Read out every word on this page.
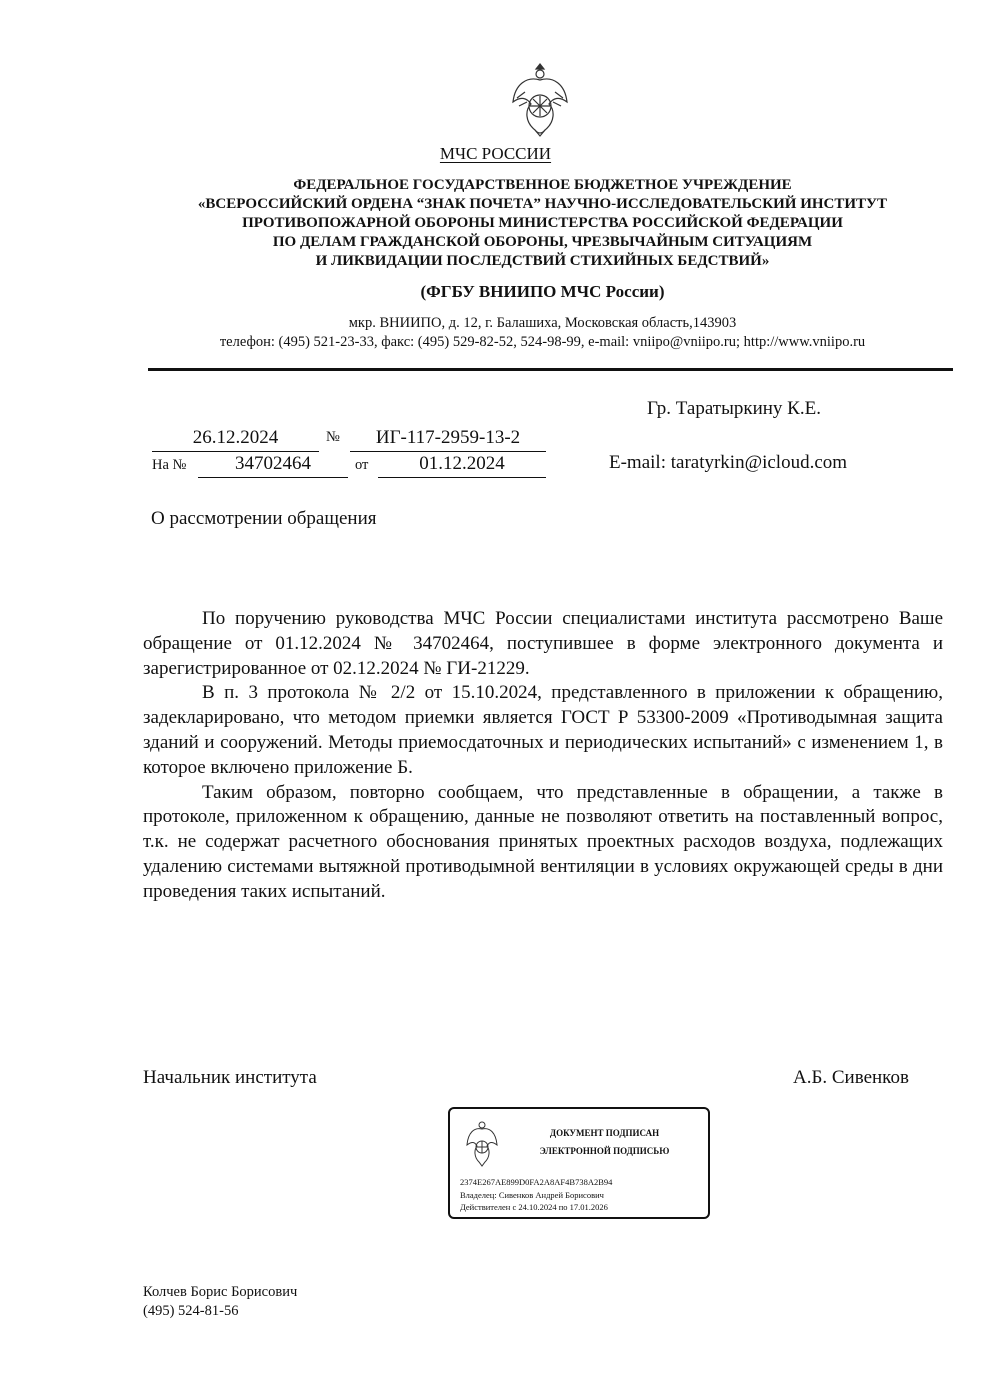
МЧС РОССИИ
ФЕДЕРАЛЬНОЕ ГОСУДАРСТВЕННОЕ БЮДЖЕТНОЕ УЧРЕЖДЕНИЕ
«ВСЕРОССИЙСКИЙ ОРДЕНА “ЗНАК ПОЧЕТА” НАУЧНО-ИССЛЕДОВАТЕЛЬСКИЙ ИНСТИТУТ
ПРОТИВОПОЖАРНОЙ ОБОРОНЫ МИНИСТЕРСТВА РОССИЙСКОЙ ФЕДЕРАЦИИ
ПО ДЕЛАМ ГРАЖДАНСКОЙ ОБОРОНЫ, ЧРЕЗВЫЧАЙНЫМ СИТУАЦИЯМ
И ЛИКВИДАЦИИ ПОСЛЕДСТВИЙ СТИХИЙНЫХ БЕДСТВИЙ»
(ФГБУ ВНИИПО МЧС России)
мкр. ВНИИПО, д. 12, г. Балашиха, Московская область,143903
телефон: (495) 521-23-33, факс: (495) 529-82-52, 524-98-99, e-mail: vniipo@vniipo.ru; http://www.vniipo.ru
26.12.2024	№	ИГ-117-2959-13-2
На №	34702464	от	01.12.2024
Гр. Таратыркину К.Е.
E-mail: taratyrkin@icloud.com
О рассмотрении обращения

По поручению руководства МЧС России специалистами института рассмотрено Ваше обращение от 01.12.2024 № 34702464, поступившее в форме электронного документа и зарегистрированное от 02.12.2024 № ГИ-21229.

В п. 3 протокола № 2/2 от 15.10.2024, представленного в приложении к обращению, задекларировано, что методом приемки является ГОСТ Р 53300-2009 «Противодымная защита зданий и сооружений. Методы приемосдаточных и периодических испытаний» с изменением 1, в которое включено приложение Б.

Таким образом, повторно сообщаем, что представленные в обращении, а также в протоколе, приложенном к обращению, данные не позволяют ответить на поставленный вопрос, т.к. не содержат расчетного обоснования принятых проектных расходов воздуха, подлежащих удалению системами вытяжной противодымной вентиляции в условиях окружающей среды в дни проведения таких испытаний.

Начальник института	А.Б. Сивенков
ДОКУМЕНТ ПОДПИСАН
ЭЛЕКТРОННОЙ ПОДПИСЬЮ
2374E267AE899D0FA2A8AF4B738A2B94
Владелец: Сивенков Андрей Борисович
Действителен с 24.10.2024 по 17.01.2026
Колчев Борис Борисович
(495) 524-81-56
